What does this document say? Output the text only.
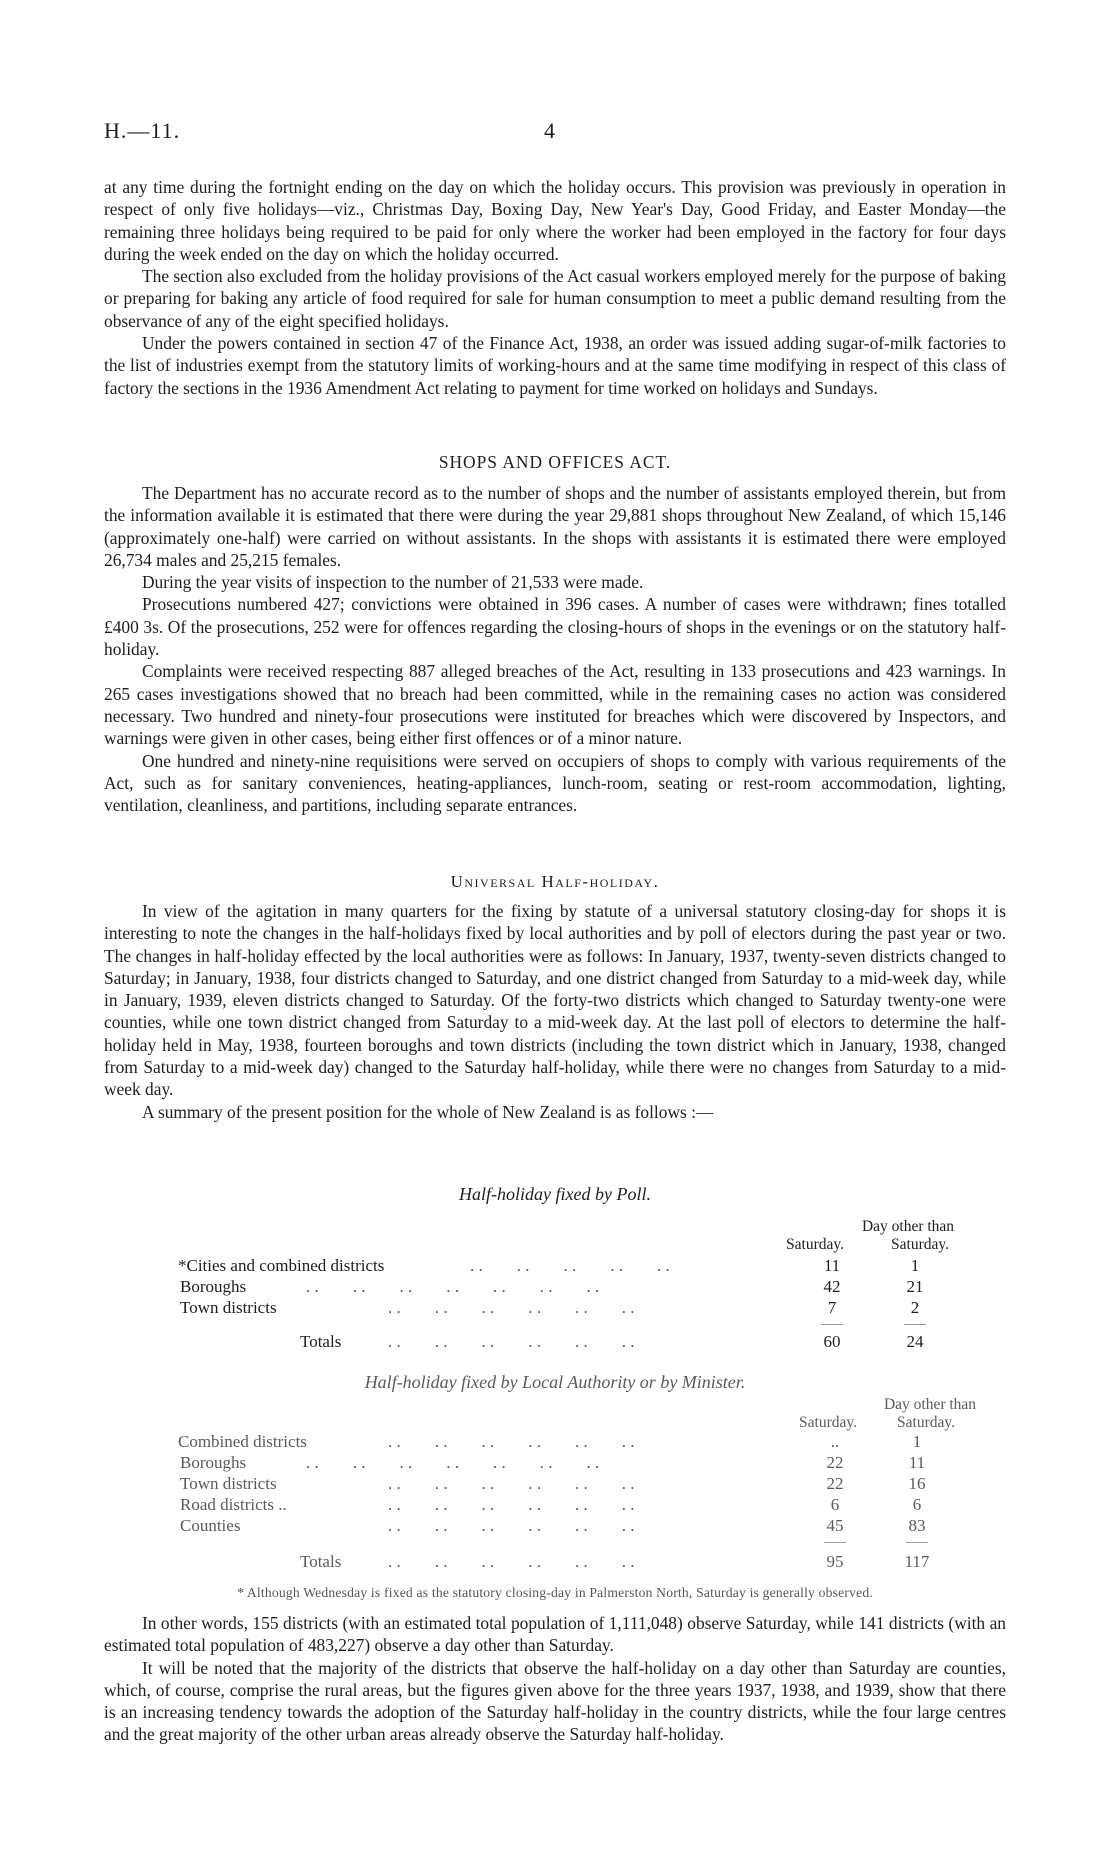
H.—11.	4

at any time during the fortnight ending on the day on which the holiday occurs. This provision was previously in operation in respect of only five holidays—viz., Christmas Day, Boxing Day, New Year's Day, Good Friday, and Easter Monday—the remaining three holidays being required to be paid for only where the worker had been employed in the factory for four days during the week ended on the day on which the holiday occurred.

The section also excluded from the holiday provisions of the Act casual workers employed merely for the purpose of baking or preparing for baking any article of food required for sale for human consumption to meet a public demand resulting from the observance of any of the eight specified holidays.

Under the powers contained in section 47 of the Finance Act, 1938, an order was issued adding sugar-of-milk factories to the list of industries exempt from the statutory limits of working-hours and at the same time modifying in respect of this class of factory the sections in the 1936 Amendment Act relating to payment for time worked on holidays and Sundays.

SHOPS AND OFFICES ACT.

The Department has no accurate record as to the number of shops and the number of assistants employed therein, but from the information available it is estimated that there were during the year 29,881 shops throughout New Zealand, of which 15,146 (approximately one-half) were carried on without assistants. In the shops with assistants it is estimated there were employed 26,734 males and 25,215 females.

During the year visits of inspection to the number of 21,533 were made.

Prosecutions numbered 427; convictions were obtained in 396 cases. A number of cases were withdrawn; fines totalled £400 3s. Of the prosecutions, 252 were for offences regarding the closing-hours of shops in the evenings or on the statutory half-holiday.

Complaints were received respecting 887 alleged breaches of the Act, resulting in 133 prosecutions and 423 warnings. In 265 cases investigations showed that no breach had been committed, while in the remaining cases no action was considered necessary. Two hundred and ninety-four prosecutions were instituted for breaches which were discovered by Inspectors, and warnings were given in other cases, being either first offences or of a minor nature.

One hundred and ninety-nine requisitions were served on occupiers of shops to comply with various requirements of the Act, such as for sanitary conveniences, heating-appliances, lunch-room, seating or rest-room accommodation, lighting, ventilation, cleanliness, and partitions, including separate entrances.

Universal Half-holiday.

In view of the agitation in many quarters for the fixing by statute of a universal statutory closing-day for shops it is interesting to note the changes in the half-holidays fixed by local authorities and by poll of electors during the past year or two. The changes in half-holiday effected by the local authorities were as follows: In January, 1937, twenty-seven districts changed to Saturday; in January, 1938, four districts changed to Saturday, and one district changed from Saturday to a mid-week day, while in January, 1939, eleven districts changed to Saturday. Of the forty-two districts which changed to Saturday twenty-one were counties, while one town district changed from Saturday to a mid-week day. At the last poll of electors to determine the half-holiday held in May, 1938, fourteen boroughs and town districts (including the town district which in January, 1938, changed from Saturday to a mid-week day) changed to the Saturday half-holiday, while there were no changes from Saturday to a mid-week day.

A summary of the present position for the whole of New Zealand is as follows :—

Half-holiday fixed by Poll.
Day other than
Saturday.	Saturday.
*Cities and combined districts	. .        . .        . .        . .        . .	11	1
Boroughs	. .        . .        . .        . .        . .        . .        . .	42	21
Town districts	. .        . .        . .        . .        . .        . .	7	2
Totals	. .        . .        . .        . .        . .        . .	60	24
Half-holiday fixed by Local Authority or by Minister.
Day other than
Saturday.	Saturday.
Combined districts	. .        . .        . .        . .        . .        . .	..	1
Boroughs	. .        . .        . .        . .        . .        . .        . .	22	11
Town districts	. .        . .        . .        . .        . .        . .	22	16
Road districts ..	. .        . .        . .        . .        . .        . .	6	6
Counties	. .        . .        . .        . .        . .        . .	45	83
Totals	. .        . .        . .        . .        . .        . .	95	117
* Although Wednesday is fixed as the statutory closing-day in Palmerston North, Saturday is generally observed.

In other words, 155 districts (with an estimated total population of 1,111,048) observe Saturday, while 141 districts (with an estimated total population of 483,227) observe a day other than Saturday.

It will be noted that the majority of the districts that observe the half-holiday on a day other than Saturday are counties, which, of course, comprise the rural areas, but the figures given above for the three years 1937, 1938, and 1939, show that there is an increasing tendency towards the adoption of the Saturday half-holiday in the country districts, while the four large centres and the great majority of the other urban areas already observe the Saturday half-holiday.
